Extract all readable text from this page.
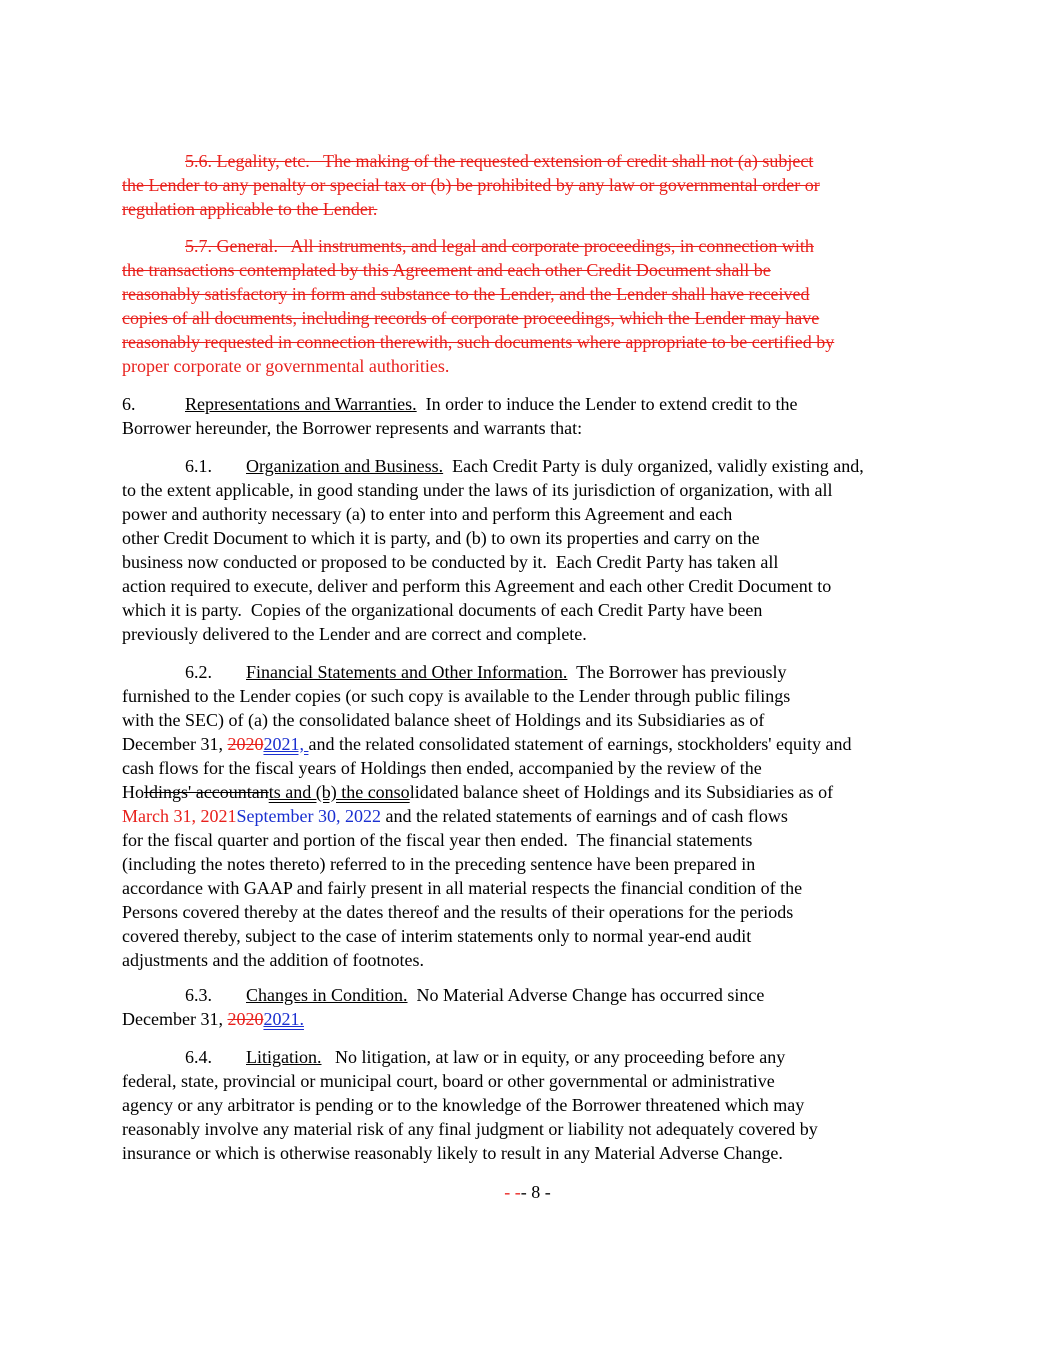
5.6. Legality, etc.   The making of the requested extension of credit shall not (a) subject
the Lender to any penalty or special tax or (b) be prohibited by any law or governmental order or
regulation applicable to the Lender.
5.7. General.   All instruments, and legal and corporate proceedings, in connection with
the transactions contemplated by this Agreement and each other Credit Document shall be
reasonably satisfactory in form and substance to the Lender, and the Lender shall have received
copies of all documents, including records of corporate proceedings, which the Lender may have
reasonably requested in connection therewith, such documents where appropriate to be certified by
proper corporate or governmental authorities.
6.	Representations and Warranties.  In order to induce the Lender to extend credit to the
Borrower hereunder, the Borrower represents and warrants that:
6.1. Organization and Business.  Each Credit Party is duly organized, validly existing and,
to the extent applicable, in good standing under the laws of its jurisdiction of organization, with all
power and authority necessary (a) to enter into and perform this Agreement and each
other Credit Document to which it is party, and (b) to own its properties and carry on the
business now conducted or proposed to be conducted by it.  Each Credit Party has taken all
action required to execute, deliver and perform this Agreement and each other Credit Document to
which it is party.  Copies of the organizational documents of each Credit Party have been
previously delivered to the Lender and are correct and complete.
6.2. Financial Statements and Other Information.  The Borrower has previously
furnished to the Lender copies (or such copy is available to the Lender through public filings
with the SEC) of (a) the consolidated balance sheet of Holdings and its Subsidiaries as of
December 31, 20202021, and the related consolidated statement of earnings, stockholders' equity and
cash flows for the fiscal years of Holdings then ended, accompanied by the review of the
Holdings' accountants and (b) the consolidated balance sheet of Holdings and its Subsidiaries as of
March 31, 2021September 30, 2022 and the related statements of earnings and of cash flows
for the fiscal quarter and portion of the fiscal year then ended.  The financial statements
(including the notes thereto) referred to in the preceding sentence have been prepared in
accordance with GAAP and fairly present in all material respects the financial condition of the
Persons covered thereby at the dates thereof and the results of their operations for the periods
covered thereby, subject to the case of interim statements only to normal year-end audit
adjustments and the addition of footnotes.
6.3. Changes in Condition.  No Material Adverse Change has occurred since
December 31, 20202021.
6.4. Litigation.   No litigation, at law or in equity, or any proceeding before any
federal, state, provincial or municipal court, board or other governmental or administrative
agency or any arbitrator is pending or to the knowledge of the Borrower threatened which may
reasonably involve any material risk of any final judgment or liability not adequately covered by
insurance or which is otherwise reasonably likely to result in any Material Adverse Change.
- -- 8 -
